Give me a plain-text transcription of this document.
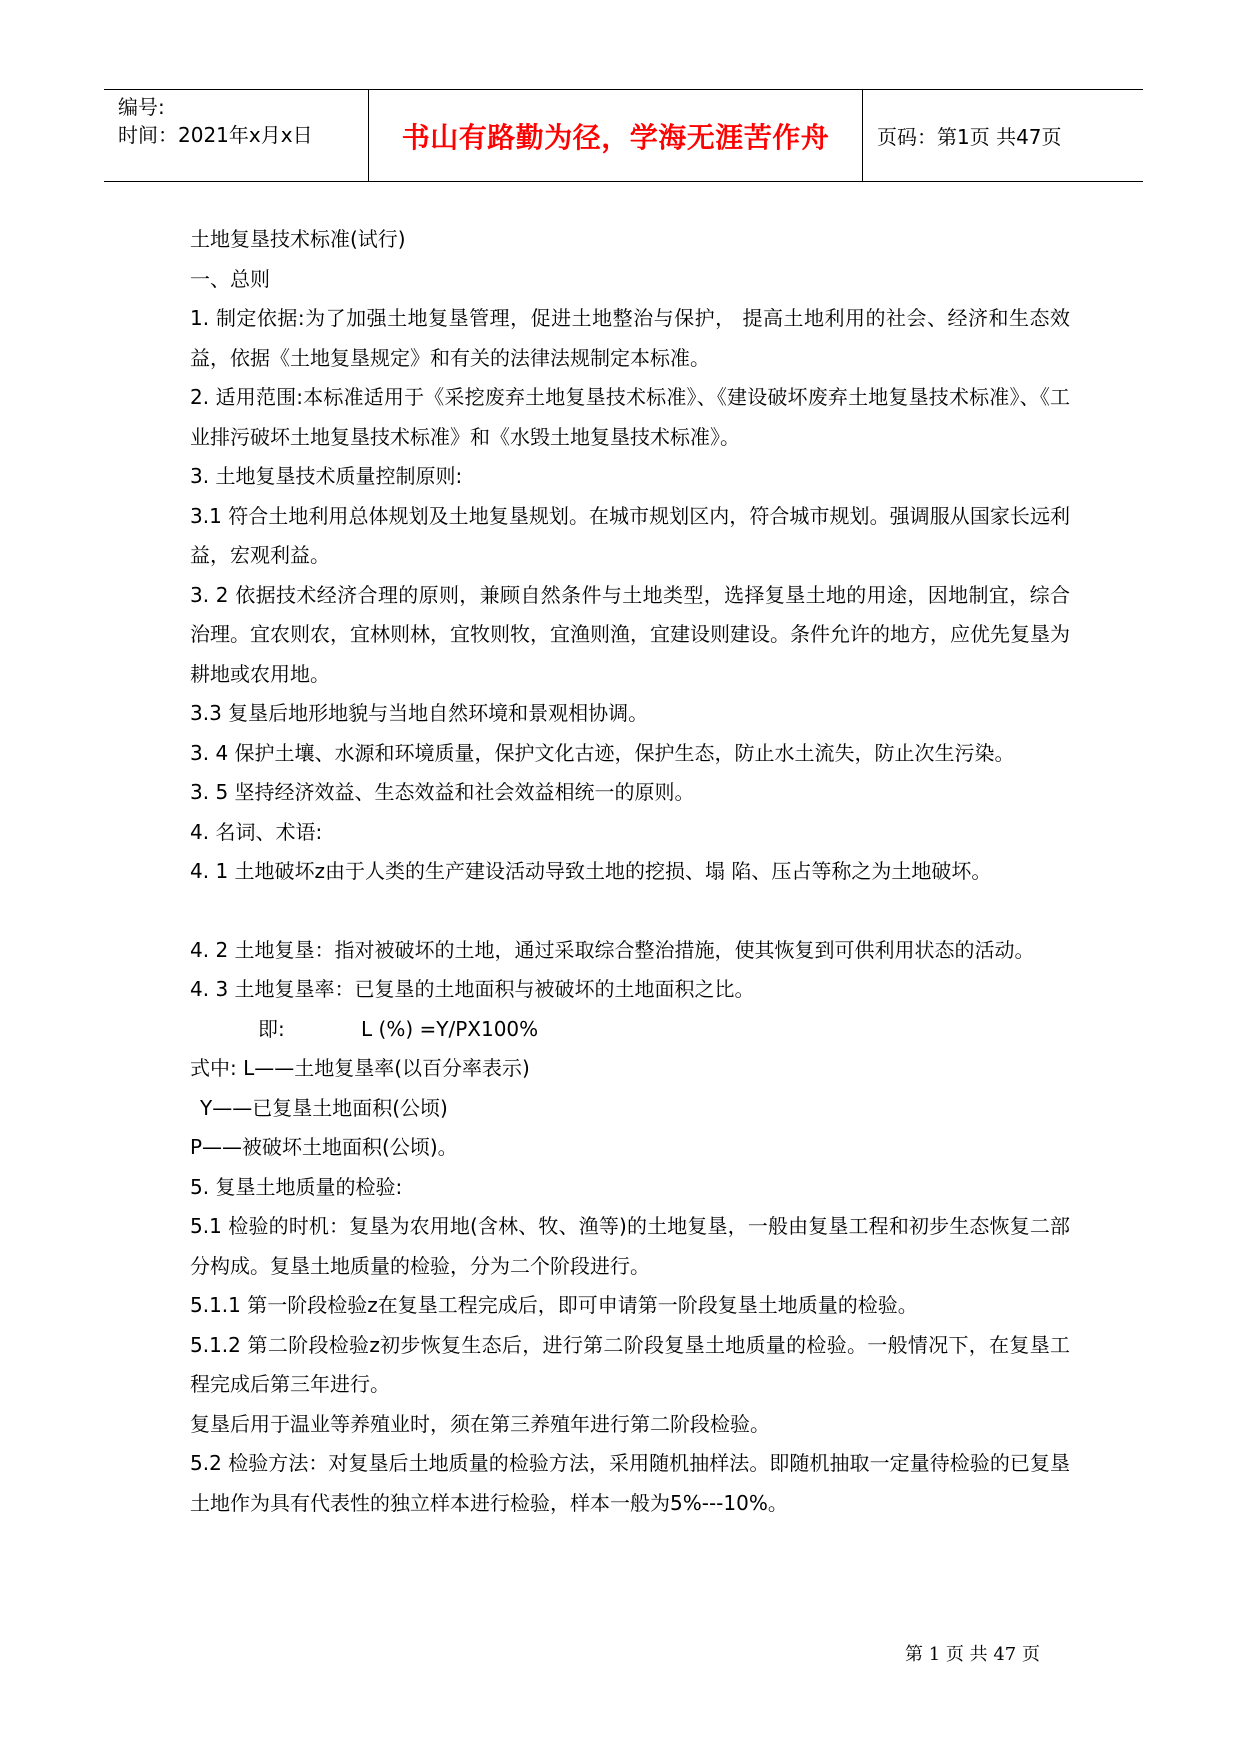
编号:
时间：2021年x月x日	书山有路勤为径，学海无涯苦作舟 页码：第1页 共47页

土地复垦技术标准(试行)

一、总则

1. 制定依据:为了加强土地复垦管理，促进土地整治与保护， 提高土地利用的社会、经济和生态效益，依据《土地复垦规定》和有关的法律法规制定本标准。

2. 适用范围:本标准适用于《采挖废弃土地复垦技术标准》、《建设破坏废弃土地复垦技术标准》、《工业排污破坏土地复垦技术标准》和《水毁土地复垦技术标准》。

3. 土地复垦技术质量控制原则:

3.1 符合土地利用总体规划及土地复垦规划。在城市规划区内，符合城市规划。强调服从国家长远利益，宏观利益。

3. 2 依据技术经济合理的原则，兼顾自然条件与土地类型，选择复垦土地的用途，因地制宜，综合治理。宜农则农，宜林则林，宜牧则牧，宜渔则渔，宜建设则建设。条件允许的地方，应优先复垦为耕地或农用地。

3.3 复垦后地形地貌与当地自然环境和景观相协调。

3. 4 保护土壤、水源和环境质量，保护文化古迹，保护生态，防止水土流失，防止次生污染。

3. 5 坚持经济效益、生态效益和社会效益相统一的原则。

4. 名词、术语:

4. 1 土地破坏z由于人类的生产建设活动导致土地的挖损、塌 陷、压占等称之为土地破坏。

4. 2 土地复垦：指对被破坏的土地，通过采取综合整治措施，使其恢复到可供利用状态的活动。

4. 3 土地复垦率：已复垦的土地面积与被破坏的土地面积之比。

即:            L (%) =Y/PX100%

式中: L——土地复垦率(以百分率表示)

Y——已复垦土地面积(公顷)

P——被破坏土地面积(公顷)。

5. 复垦土地质量的检验:

5.1 检验的时机：复垦为农用地(含林、牧、渔等)的土地复垦，一般由复垦工程和初步生态恢复二部分构成。复垦土地质量的检验，分为二个阶段进行。

5.1.1 第一阶段检验z在复垦工程完成后，即可申请第一阶段复垦土地质量的检验。

5.1.2 第二阶段检验z初步恢复生态后，进行第二阶段复垦土地质量的检验。一般情况下，在复垦工程完成后第三年进行。

复垦后用于温业等养殖业时，须在第三养殖年进行第二阶段检验。

5.2 检验方法：对复垦后土地质量的检验方法，采用随机抽样法。即随机抽取一定量待检验的已复垦土地作为具有代表性的独立样本进行检验，样本一般为5%---10%。

第 1 页 共 47 页
